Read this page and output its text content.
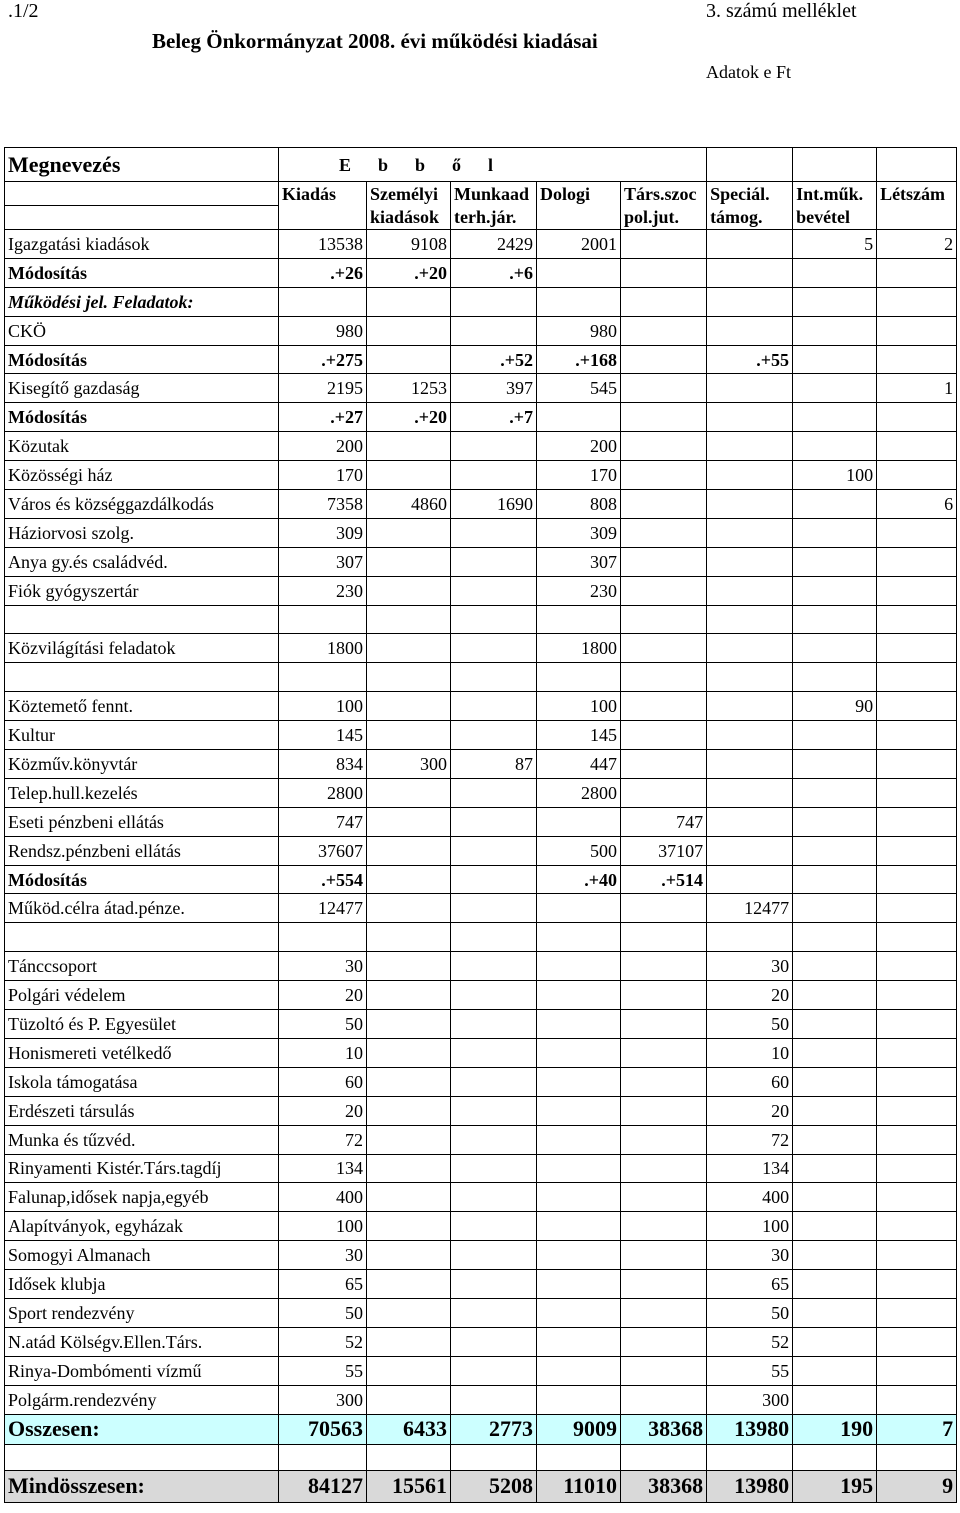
.1/2	3. számú melléklet
Beleg Önkormányzat 2008. évi működési kiadásai
Adatok e Ft
Megnevezés	E      b      b      ő      l							
	Kiadás	Személyi	Munkaad	Dologi	Társ.szoc	Speciál.	Int.műk.	Létszám
		kiadások	terh.jár.		pol.jut.	támog.	bevétel	
Igazgatási kiadások	13538	9108	2429	2001			5	2
Módosítás	.+26	.+20	.+6					
Működési jel. Feladatok:								
CKÖ	980			980				
Módosítás	.+275		.+52	.+168		.+55		
Kisegítő gazdaság	2195	1253	397	545				1
Módosítás	.+27	.+20	.+7					
Közutak	200			200				
Közösségi ház	170			170			100	
Város és községgazdálkodás	7358	4860	1690	808				6
Háziorvosi szolg.	309			309				
Anya gy.és családvéd.	307			307				
Fiók gyógyszertár	230			230				

Közvilágítási feladatok	1800			1800				

Köztemető fennt.	100			100			90	
Kultur	145			145				
Közműv.könyvtár	834	300	87	447				
Telep.hull.kezelés	2800			2800				
Eseti pénzbeni ellátás	747				747			
Rendsz.pénzbeni ellátás	37607			500	37107			
Módosítás	.+554			.+40	.+514			
Működ.célra átad.pénze.	12477					12477		

Tánccsoport	30					30		
Polgári védelem	20					20		
Tüzoltó és P. Egyesület	50					50		
Honismereti vetélkedő	10					10		
Iskola támogatása	60					60		
Erdészeti társulás	20					20		
Munka és tűzvéd.	72					72		
Rinyamenti Kistér.Társ.tagdíj	134					134		
Falunap,idősek napja,egyéb	400					400		
Alapítványok, egyházak	100					100		
Somogyi Almanach	30					30		
Idősek klubja	65					65		
Sport rendezvény	50					50		
N.atád Kölségv.Ellen.Társ.	52					52		
Rinya-Dombómenti vízmű	55					55		
Polgárm.rendezvény	300					300		
Osszesen:	70563	6433	2773	9009	38368	13980	190	7

Mindösszesen:	84127	15561	5208	11010	38368	13980	195	9
